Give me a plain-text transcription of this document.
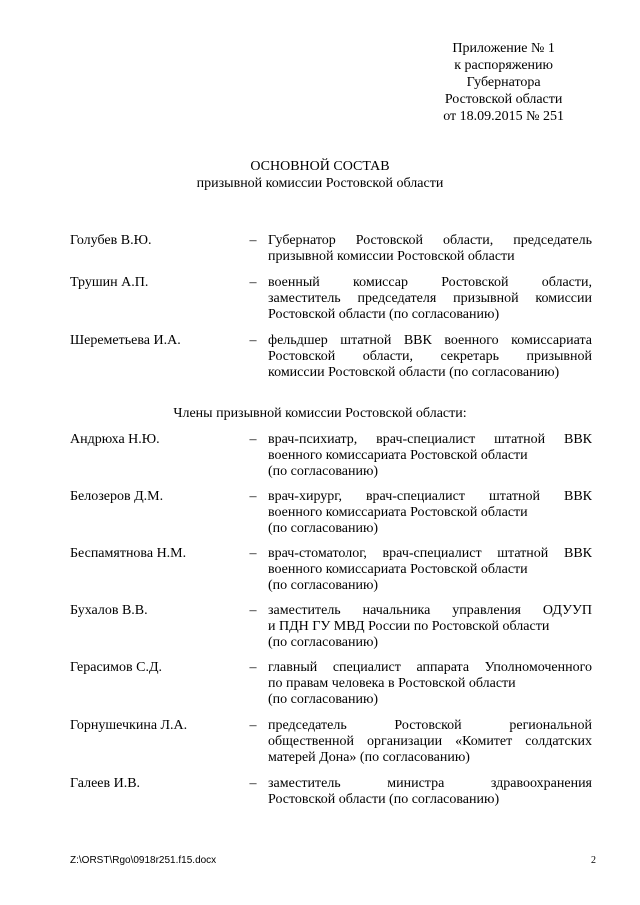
Приложение № 1
к распоряжению
Губернатора
Ростовской области
от 18.09.2015 № 251
ОСНОВНОЙ СОСТАВ
призывной комиссии Ростовской области
Голубев В.Ю.	– Губернатор Ростовской области, председатель
призывной комиссии Ростовской области
Трушин А.П.	– военный комиссар Ростовской области,
заместитель председателя призывной комиссии
Ростовской области (по согласованию)
Шереметьева И.А.	– фельдшер штатной ВВК военного комиссариата
Ростовской области, секретарь призывной
комиссии Ростовской области (по согласованию)
Члены призывной комиссии Ростовской области:
Андрюха Н.Ю.	– врач-психиатр, врач-специалист штатной ВВК
военного комиссариата Ростовской области
(по согласованию)
Белозеров Д.М.	– врач-хирург, врач-специалист штатной ВВК
военного комиссариата Ростовской области
(по согласованию)
Беспамятнова Н.М.	– врач-стоматолог, врач-специалист штатной ВВК
военного комиссариата Ростовской области
(по согласованию)
Бухалов В.В.	– заместитель начальника управления ОДУУП
и ПДН ГУ МВД России по Ростовской области
(по согласованию)
Герасимов С.Д.	– главный специалист аппарата Уполномоченного
по правам человека в Ростовской области
(по согласованию)
Горнушечкина Л.А.	– председатель Ростовской региональной
общественной организации «Комитет солдатских
матерей Дона» (по согласованию)
Галеев И.В.	– заместитель министра здравоохранения
Ростовской области (по согласованию)
Z:\ORST\Rgo\0918r251.f15.docx	2
